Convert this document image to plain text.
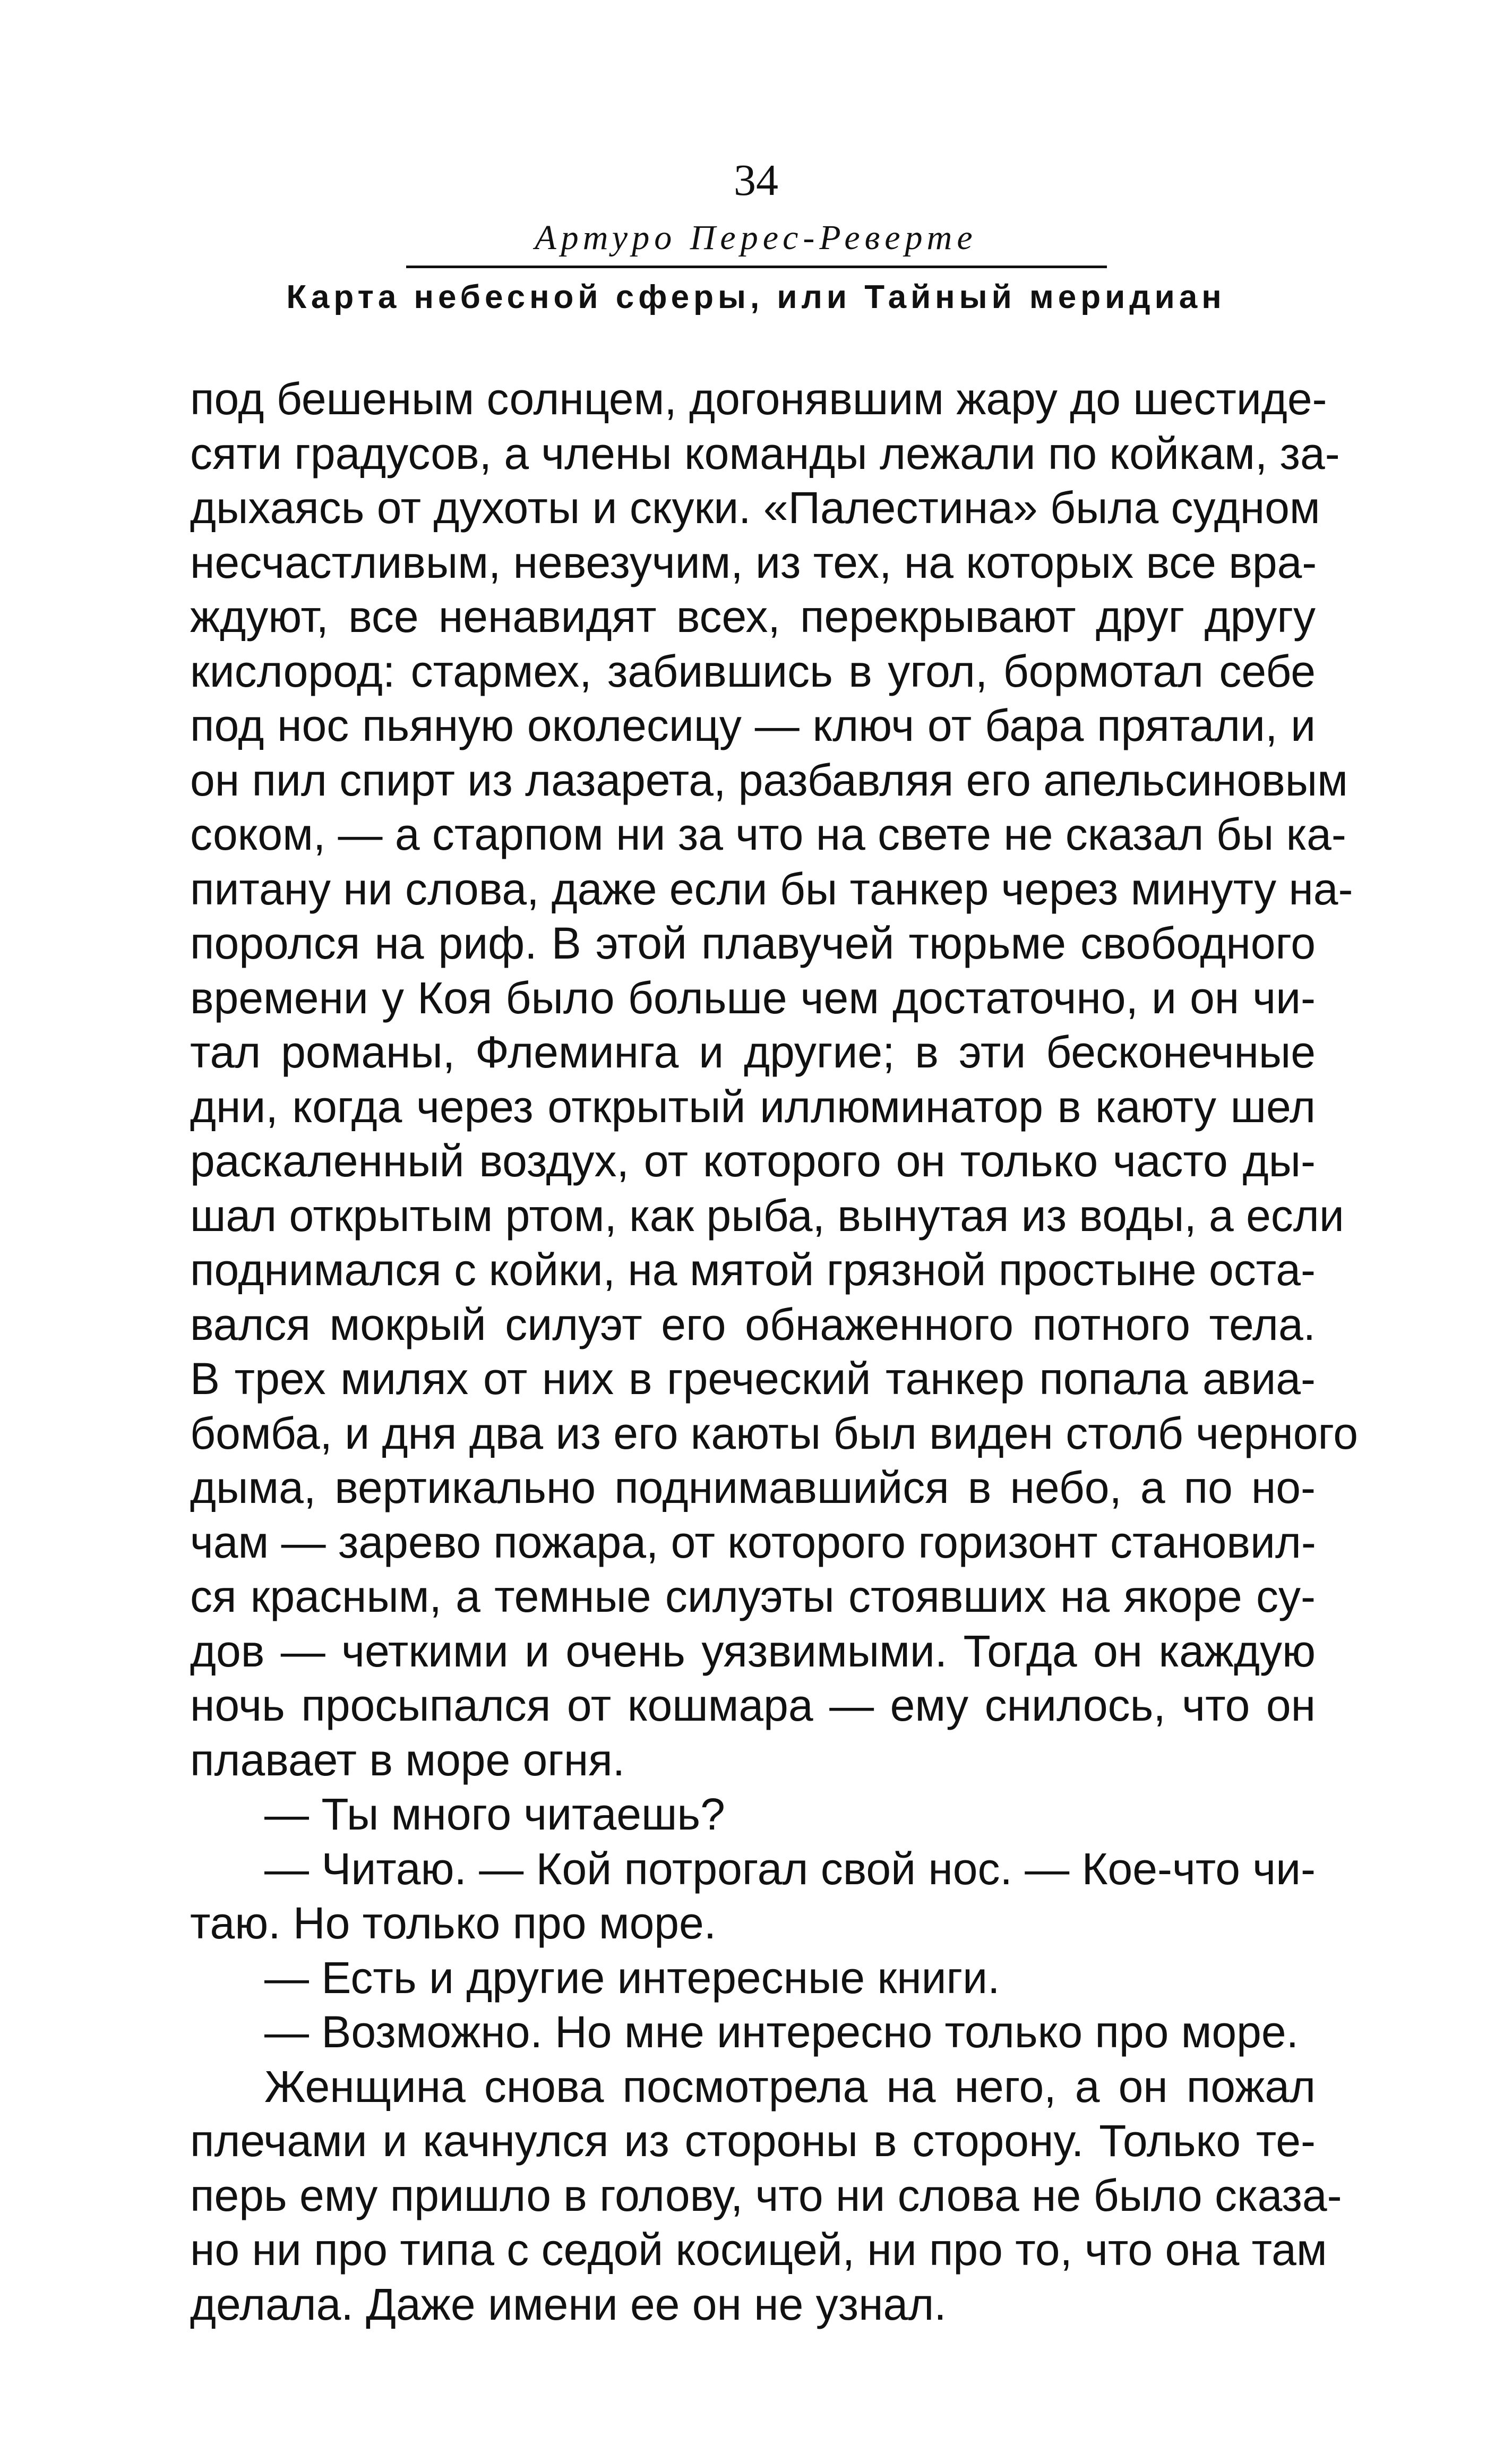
34
Артуро Перес-Реверте
Карта небесной сферы, или Тайный меридиан
под бешеным солнцем, догонявшим жару до шестиде-
сяти градусов, а члены команды лежали по койкам, за-
дыхаясь от духоты и скуки. «Палестина» была судном
несчастливым, невезучим, из тех, на которых все вра-
ждуют, все ненавидят всех, перекрывают друг другу
кислород: стармех, забившись в угол, бормотал себе
под нос пьяную околесицу — ключ от бара прятали, и
он пил спирт из лазарета, разбавляя его апельсиновым
соком, — а старпом ни за что на свете не сказал бы ка-
питану ни слова, даже если бы танкер через минуту на-
поролся на риф. В этой плавучей тюрьме свободного
времени у Коя было больше чем достаточно, и он чи-
тал романы, Флеминга и другие; в эти бесконечные
дни, когда через открытый иллюминатор в каюту шел
раскаленный воздух, от которого он только часто ды-
шал открытым ртом, как рыба, вынутая из воды, а если
поднимался с койки, на мятой грязной простыне оста-
вался мокрый силуэт его обнаженного потного тела.
В трех милях от них в греческий танкер попала авиа-
бомба, и дня два из его каюты был виден столб черного
дыма, вертикально поднимавшийся в небо, а по но-
чам — зарево пожара, от которого горизонт становил-
ся красным, а темные силуэты стоявших на якоре су-
дов — четкими и очень уязвимыми. Тогда он каждую
ночь просыпался от кошмара — ему снилось, что он
плавает в море огня.
— Ты много читаешь?
— Читаю. — Кой потрогал свой нос. — Кое-что чи-
таю. Но только про море.
— Есть и другие интересные книги.
— Возможно. Но мне интересно только про море.
Женщина снова посмотрела на него, а он пожал
плечами и качнулся из стороны в сторону. Только те-
перь ему пришло в голову, что ни слова не было сказа-
но ни про типа с седой косицей, ни про то, что она там
делала. Даже имени ее он не узнал.
